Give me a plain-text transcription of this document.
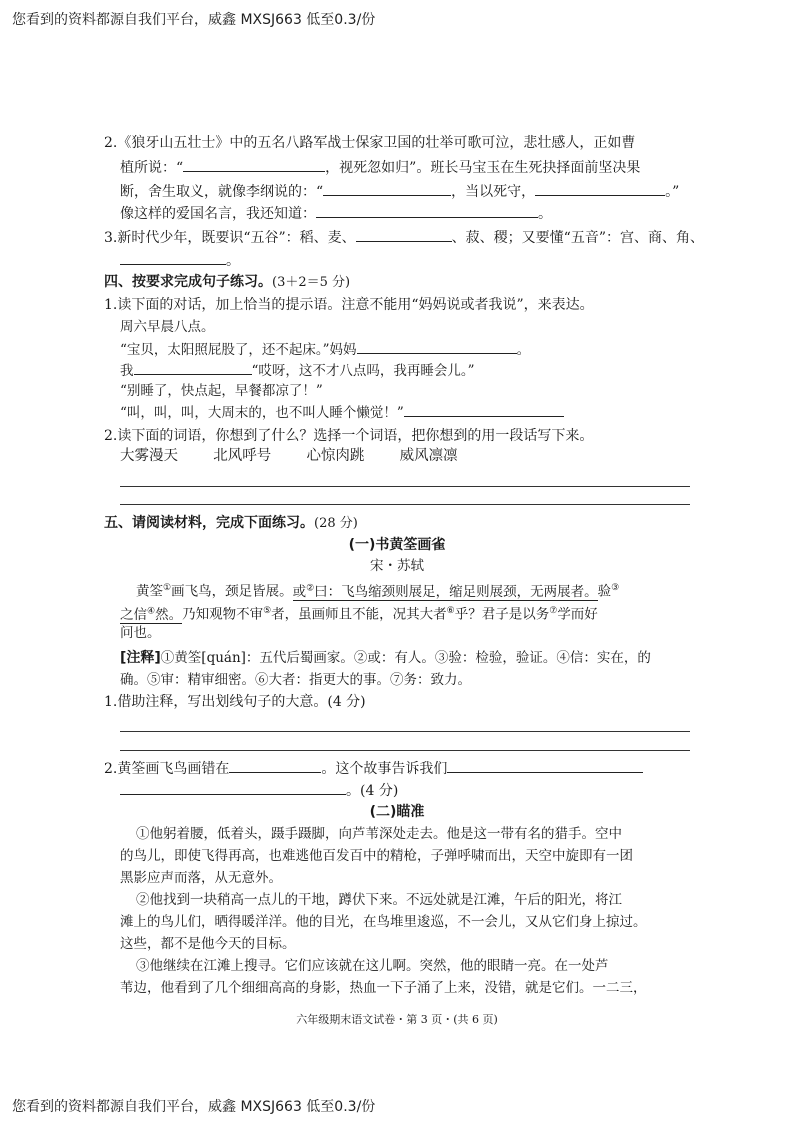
您看到的资料都源自我们平台，威鑫 MXSJ663 低至0.3/份
2.《狼牙山五壮士》中的五名八路军战士保家卫国的壮举可歌可泣，悲壮感人，正如曹
植所说：“	，视死忽如归”。班长马宝玉在生死抉择面前坚决果
断，舍生取义，就像李纲说的：“	，当以死守，	。”
像这样的爱国名言，我还知道：	。
3.新时代少年，既要识“五谷”：稻、麦、	、菽、稷；又要懂“五音”：宫、商、角、
。
四、按要求完成句子练习。(3＋2＝5 分)
1.读下面的对话，加上恰当的提示语。注意不能用“妈妈说或者我说”，来表达。
周六早晨八点。
“宝贝，太阳照屁股了，还不起床。”妈妈	。
我	“哎呀，这不才八点吗，我再睡会儿。”
“别睡了，快点起，早餐都凉了！”
“叫，叫，叫，大周末的，也不叫人睡个懒觉！”
2.读下面的词语，你想到了什么？选择一个词语，把你想到的用一段话写下来。
大雾漫天 北风呼号 心惊肉跳 威风凛凛
五、请阅读材料，完成下面练习。(28 分)
(一)书黄筌画雀
宋・苏轼
黄筌①画飞鸟，颈足皆展。或②曰：飞鸟缩颈则展足，缩足则展颈，无两展者。验③
之信④然。乃知观物不审⑤者，虽画师且不能，况其大者⑥乎？君子是以务⑦学而好
问也。
[注释]①黄筌[quán]：五代后蜀画家。②或：有人。③验：检验，验证。④信：实在，的
确。⑤审：精审细密。⑥大者：指更大的事。⑦务：致力。
1.借助注释，写出划线句子的大意。(4 分)
2.黄筌画飞鸟画错在	。这个故事告诉我们
。(4 分)
(二)瞄准
①他躬着腰，低着头，蹑手蹑脚，向芦苇深处走去。他是这一带有名的猎手。空中
的鸟儿，即使飞得再高，也难逃他百发百中的精枪，子弹呼啸而出，天空中旋即有一团
黑影应声而落，从无意外。
②他找到一块稍高一点儿的干地，蹲伏下来。不远处就是江滩，午后的阳光，将江
滩上的鸟儿们，晒得暖洋洋。他的目光，在鸟堆里逡巡，不一会儿，又从它们身上掠过。
这些，都不是他今天的目标。
③他继续在江滩上搜寻。它们应该就在这儿啊。突然，他的眼睛一亮。在一处芦
苇边，他看到了几个细细高高的身影，热血一下子涌了上来，没错，就是它们。一二三，
六年级期末语文试卷・第 3 页・(共 6 页)
您看到的资料都源自我们平台，威鑫 MXSJ663 低至0.3/份
